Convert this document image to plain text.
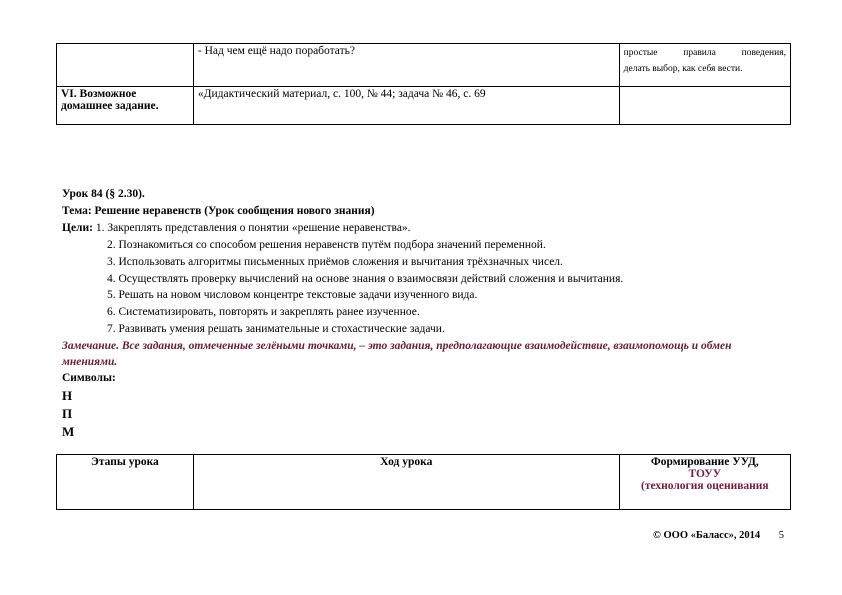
	- Над чем ещё надо поработать?	простые правила поведения,
делать выбор, как себя вести.

VI. Возможное
домашнее задание.	«Дидактический материал, с. 100, № 44; задача № 46, с. 69	
Урок 84 (§ 2.30).
Тема: Решение неравенств (Урок сообщения нового знания)
Цели: 1. Закреплять представления о понятии «решение неравенства».
2. Познакомиться со способом решения неравенств путём подбора значений переменной.
3. Использовать алгоритмы письменных приёмов сложения и вычитания трёхзначных чисел.
4. Осуществлять проверку вычислений на основе знания о взаимосвязи действий сложения и вычитания.
5. Решать на новом числовом концентре текстовые задачи изученного вида.
6. Систематизировать, повторять и закреплять ранее изученное.
7. Развивать умения решать занимательные и стохастические задачи.
Замечание. Все задания, отмеченные зелёными точками, – это задания, предполагающие взаимодействие, взаимопомощь и обмен мнениями.
Символы:
Н
П
М
Этапы урока	Ход урока	Формирование УУД,
ТОУУ
(технология оценивания
© ООО «Баласс», 2014 5
